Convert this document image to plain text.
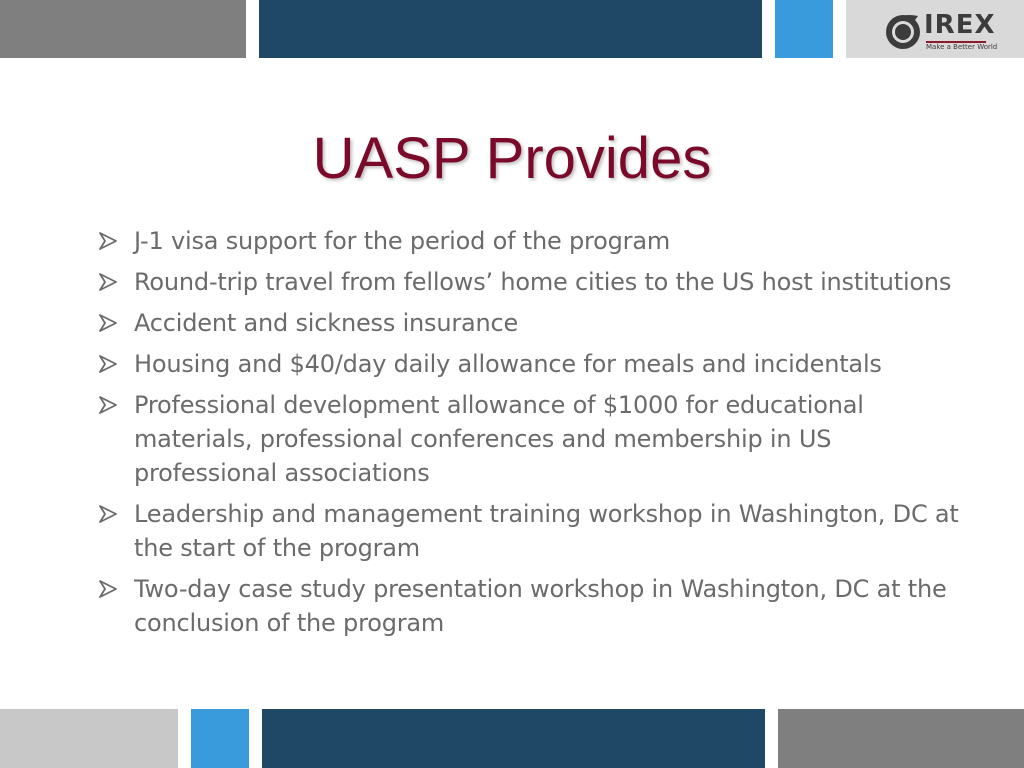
IREX
Make a Better World
UASP Provides
J-1 visa support for the period of the program
Round-trip travel from fellows’ home cities to the US host institutions
Accident and sickness insurance
Housing and $40/day daily allowance for meals and incidentals
Professional development allowance of $1000 for educational materials, professional conferences and membership in US professional associations
Leadership and management training workshop in Washington, DC at the start of the program
Two-day case study presentation workshop in Washington, DC at the conclusion of the program
